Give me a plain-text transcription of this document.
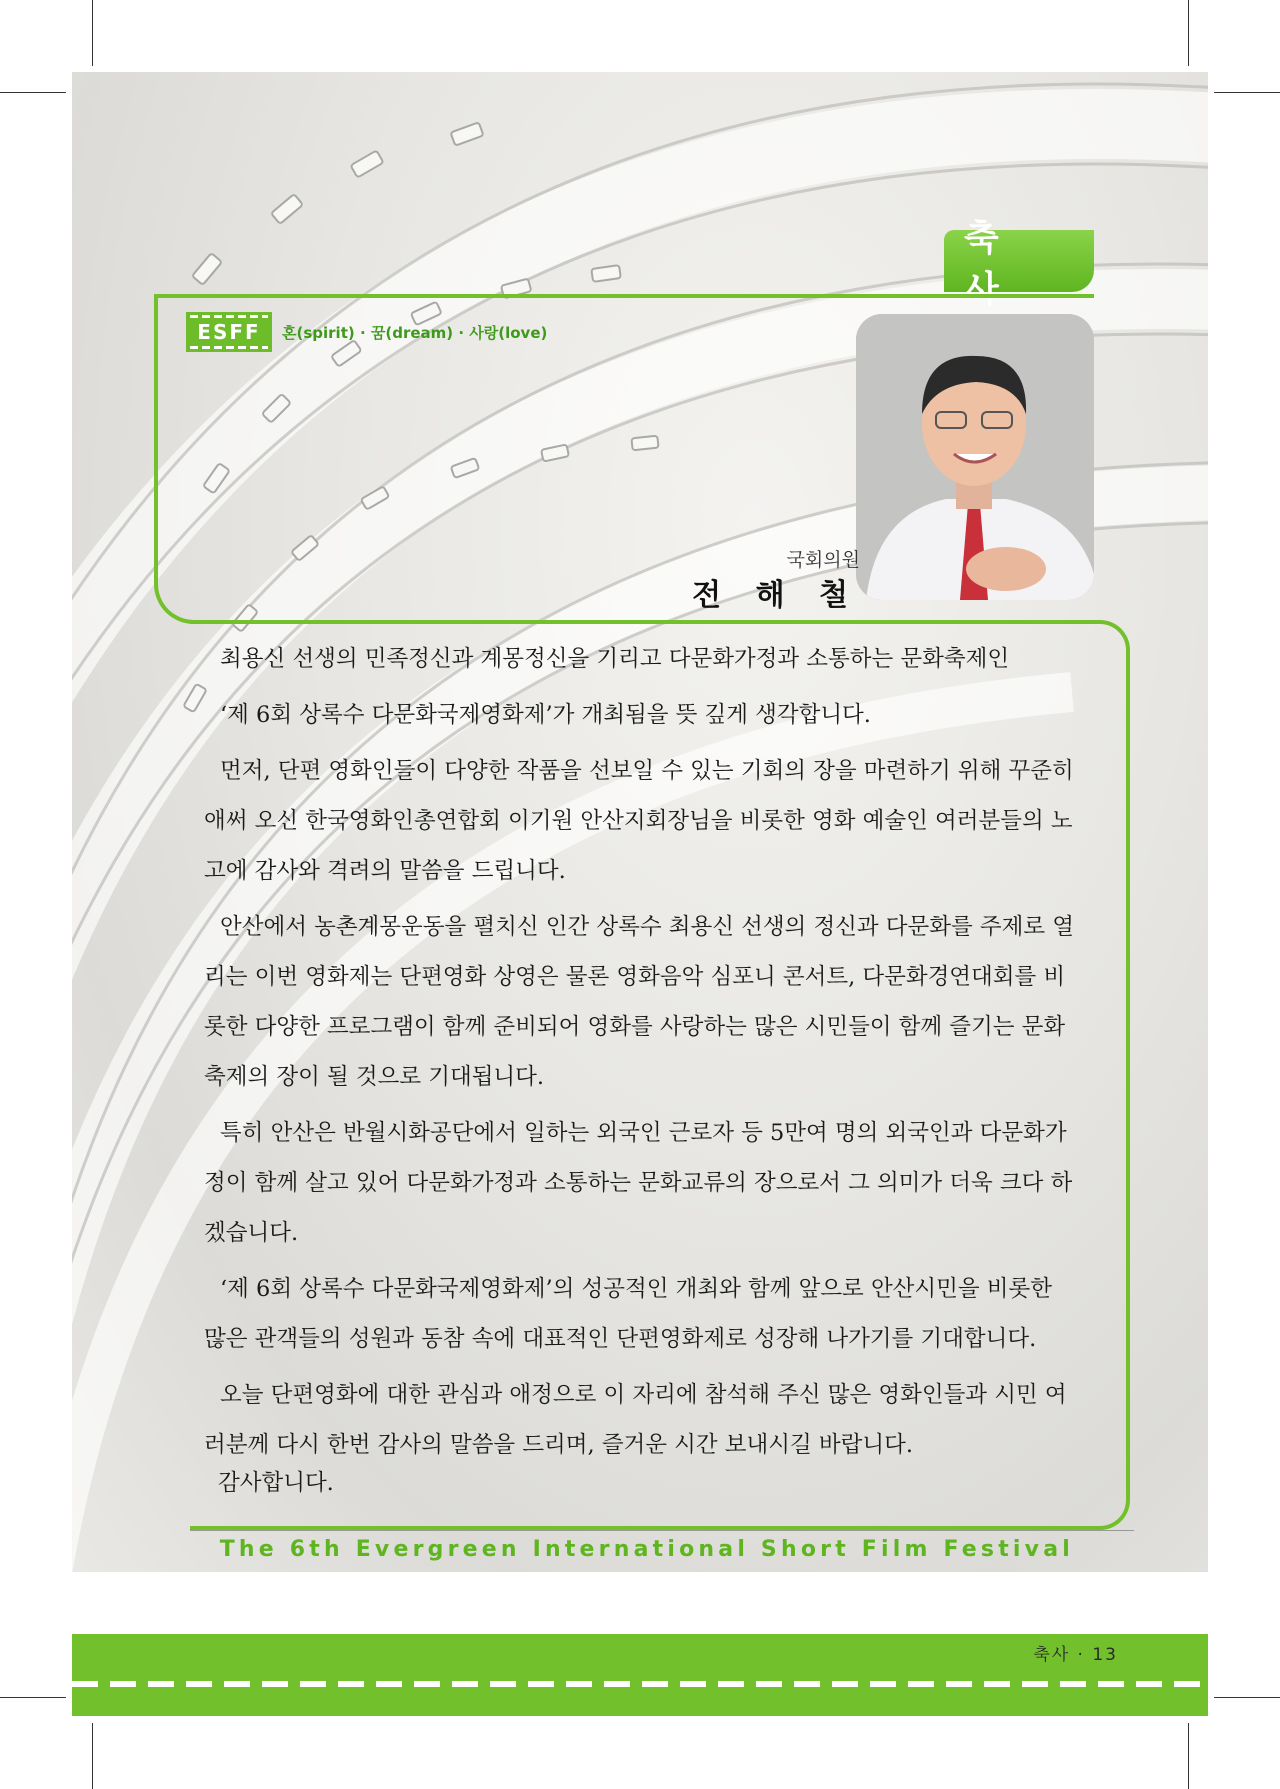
축 사
ESFF	혼(spirit) · 꿈(dream) · 사랑(love)
국회의원
전 해 철

최용신 선생의 민족정신과 계몽정신을 기리고 다문화가정과 소통하는 문화축제인

‘제 6회 상록수 다문화국제영화제’가 개최됨을 뜻 깊게 생각합니다.

먼저, 단편 영화인들이 다양한 작품을 선보일 수 있는 기회의 장을 마련하기 위해 꾸준히 애써 오신 한국영화인총연합회 이기원 안산지회장님을 비롯한 영화 예술인 여러분들의 노고에 감사와 격려의 말씀을 드립니다.

안산에서 농촌계몽운동을 펼치신 인간 상록수 최용신 선생의 정신과 다문화를 주제로 열리는 이번 영화제는 단편영화 상영은 물론 영화음악 심포니 콘서트, 다문화경연대회를 비롯한 다양한 프로그램이 함께 준비되어 영화를 사랑하는 많은 시민들이 함께 즐기는 문화축제의 장이 될 것으로 기대됩니다.

특히 안산은 반월시화공단에서 일하는 외국인 근로자 등 5만여 명의 외국인과 다문화가정이 함께 살고 있어 다문화가정과 소통하는 문화교류의 장으로서 그 의미가 더욱 크다 하겠습니다.

‘제 6회 상록수 다문화국제영화제’의 성공적인 개최와 함께 앞으로 안산시민을 비롯한 많은 관객들의 성원과 동참 속에 대표적인 단편영화제로 성장해 나가기를 기대합니다.

오늘 단편영화에 대한 관심과 애정으로 이 자리에 참석해 주신 많은 영화인들과 시민 여러분께 다시 한번 감사의 말씀을 드리며, 즐거운 시간 보내시길 바랍니다.

감사합니다.
The 6th Evergreen International Short Film Festival
축사 · 13
